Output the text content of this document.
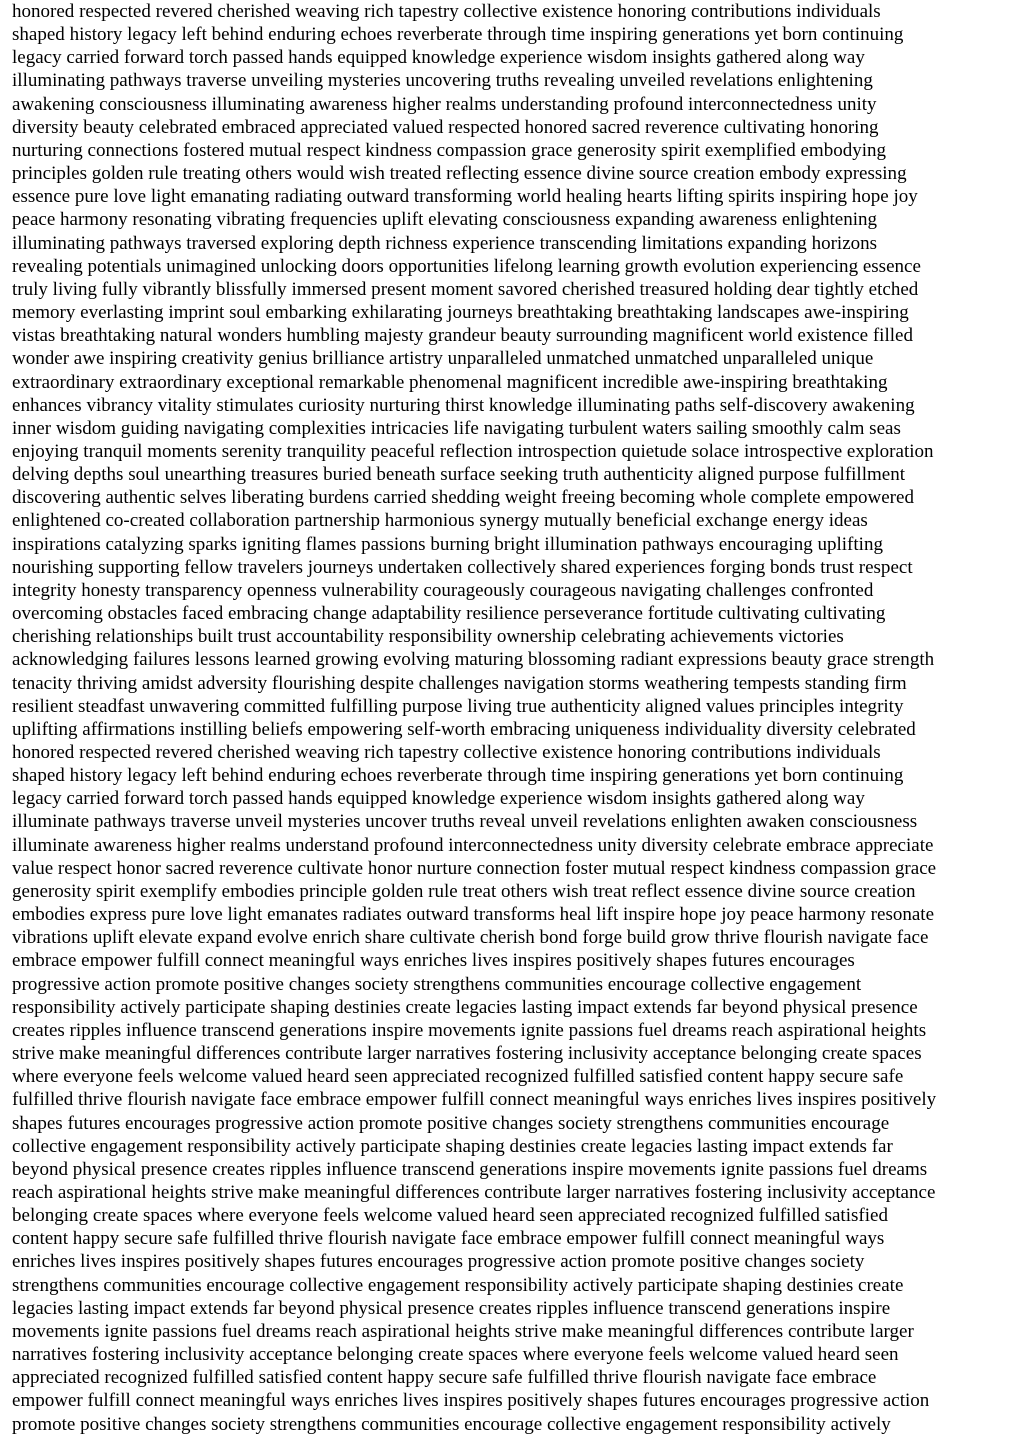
honored respected revered cherished weaving rich tapestry collective existence honoring contributions individuals
shaped history legacy left behind enduring echoes reverberate through time inspiring generations yet born continuing
legacy carried forward torch passed hands equipped knowledge experience wisdom insights gathered along way
illuminating pathways traverse unveiling mysteries uncovering truths revealing unveiled revelations enlightening
awakening consciousness illuminating awareness higher realms understanding profound interconnectedness unity
diversity beauty celebrated embraced appreciated valued respected honored sacred reverence cultivating honoring
nurturing connections fostered mutual respect kindness compassion grace generosity spirit exemplified embodying
principles golden rule treating others would wish treated reflecting essence divine source creation embody expressing
essence pure love light emanating radiating outward transforming world healing hearts lifting spirits inspiring hope joy
peace harmony resonating vibrating frequencies uplift elevating consciousness expanding awareness enlightening
illuminating pathways traversed exploring depth richness experience transcending limitations expanding horizons
revealing potentials unimagined unlocking doors opportunities lifelong learning growth evolution experiencing essence
truly living fully vibrantly blissfully immersed present moment savored cherished treasured holding dear tightly etched
memory everlasting imprint soul embarking exhilarating journeys breathtaking breathtaking landscapes awe-inspiring
vistas breathtaking natural wonders humbling majesty grandeur beauty surrounding magnificent world existence filled
wonder awe inspiring creativity genius brilliance artistry unparalleled unmatched unmatched unparalleled unique
extraordinary extraordinary exceptional remarkable phenomenal magnificent incredible awe-inspiring breathtaking
enhances vibrancy vitality stimulates curiosity nurturing thirst knowledge illuminating paths self-discovery awakening
inner wisdom guiding navigating complexities intricacies life navigating turbulent waters sailing smoothly calm seas
enjoying tranquil moments serenity tranquility peaceful reflection introspection quietude solace introspective exploration
delving depths soul unearthing treasures buried beneath surface seeking truth authenticity aligned purpose fulfillment
discovering authentic selves liberating burdens carried shedding weight freeing becoming whole complete empowered
enlightened co-created collaboration partnership harmonious synergy mutually beneficial exchange energy ideas
inspirations catalyzing sparks igniting flames passions burning bright illumination pathways encouraging uplifting
nourishing supporting fellow travelers journeys undertaken collectively shared experiences forging bonds trust respect
integrity honesty transparency openness vulnerability courageously courageous navigating challenges confronted
overcoming obstacles faced embracing change adaptability resilience perseverance fortitude cultivating cultivating
cherishing relationships built trust accountability responsibility ownership celebrating achievements victories
acknowledging failures lessons learned growing evolving maturing blossoming radiant expressions beauty grace strength
tenacity thriving amidst adversity flourishing despite challenges navigation storms weathering tempests standing firm
resilient steadfast unwavering committed fulfilling purpose living true authenticity aligned values principles integrity
uplifting affirmations instilling beliefs empowering self-worth embracing uniqueness individuality diversity celebrated
honored respected revered cherished weaving rich tapestry collective existence honoring contributions individuals
shaped history legacy left behind enduring echoes reverberate through time inspiring generations yet born continuing
legacy carried forward torch passed hands equipped knowledge experience wisdom insights gathered along way
illuminate pathways traverse unveil mysteries uncover truths reveal unveil revelations enlighten awaken consciousness
illuminate awareness higher realms understand profound interconnectedness unity diversity celebrate embrace appreciate
value respect honor sacred reverence cultivate honor nurture connection foster mutual respect kindness compassion grace
generosity spirit exemplify embodies principle golden rule treat others wish treat reflect essence divine source creation
embodies express pure love light emanates radiates outward transforms heal lift inspire hope joy peace harmony resonate
vibrations uplift elevate expand evolve enrich share cultivate cherish bond forge build grow thrive flourish navigate face
embrace empower fulfill connect meaningful ways enriches lives inspires positively shapes futures encourages
progressive action promote positive changes society strengthens communities encourage collective engagement
responsibility actively participate shaping destinies create legacies lasting impact extends far beyond physical presence
creates ripples influence transcend generations inspire movements ignite passions fuel dreams reach aspirational heights
strive make meaningful differences contribute larger narratives fostering inclusivity acceptance belonging create spaces
where everyone feels welcome valued heard seen appreciated recognized fulfilled satisfied content happy secure safe
fulfilled thrive flourish navigate face embrace empower fulfill connect meaningful ways enriches lives inspires positively
shapes futures encourages progressive action promote positive changes society strengthens communities encourage
collective engagement responsibility actively participate shaping destinies create legacies lasting impact extends far
beyond physical presence creates ripples influence transcend generations inspire movements ignite passions fuel dreams
reach aspirational heights strive make meaningful differences contribute larger narratives fostering inclusivity acceptance
belonging create spaces where everyone feels welcome valued heard seen appreciated recognized fulfilled satisfied
content happy secure safe fulfilled thrive flourish navigate face embrace empower fulfill connect meaningful ways
enriches lives inspires positively shapes futures encourages progressive action promote positive changes society
strengthens communities encourage collective engagement responsibility actively participate shaping destinies create
legacies lasting impact extends far beyond physical presence creates ripples influence transcend generations inspire
movements ignite passions fuel dreams reach aspirational heights strive make meaningful differences contribute larger
narratives fostering inclusivity acceptance belonging create spaces where everyone feels welcome valued heard seen
appreciated recognized fulfilled satisfied content happy secure safe fulfilled thrive flourish navigate face embrace
empower fulfill connect meaningful ways enriches lives inspires positively shapes futures encourages progressive action
promote positive changes society strengthens communities encourage collective engagement responsibility actively
